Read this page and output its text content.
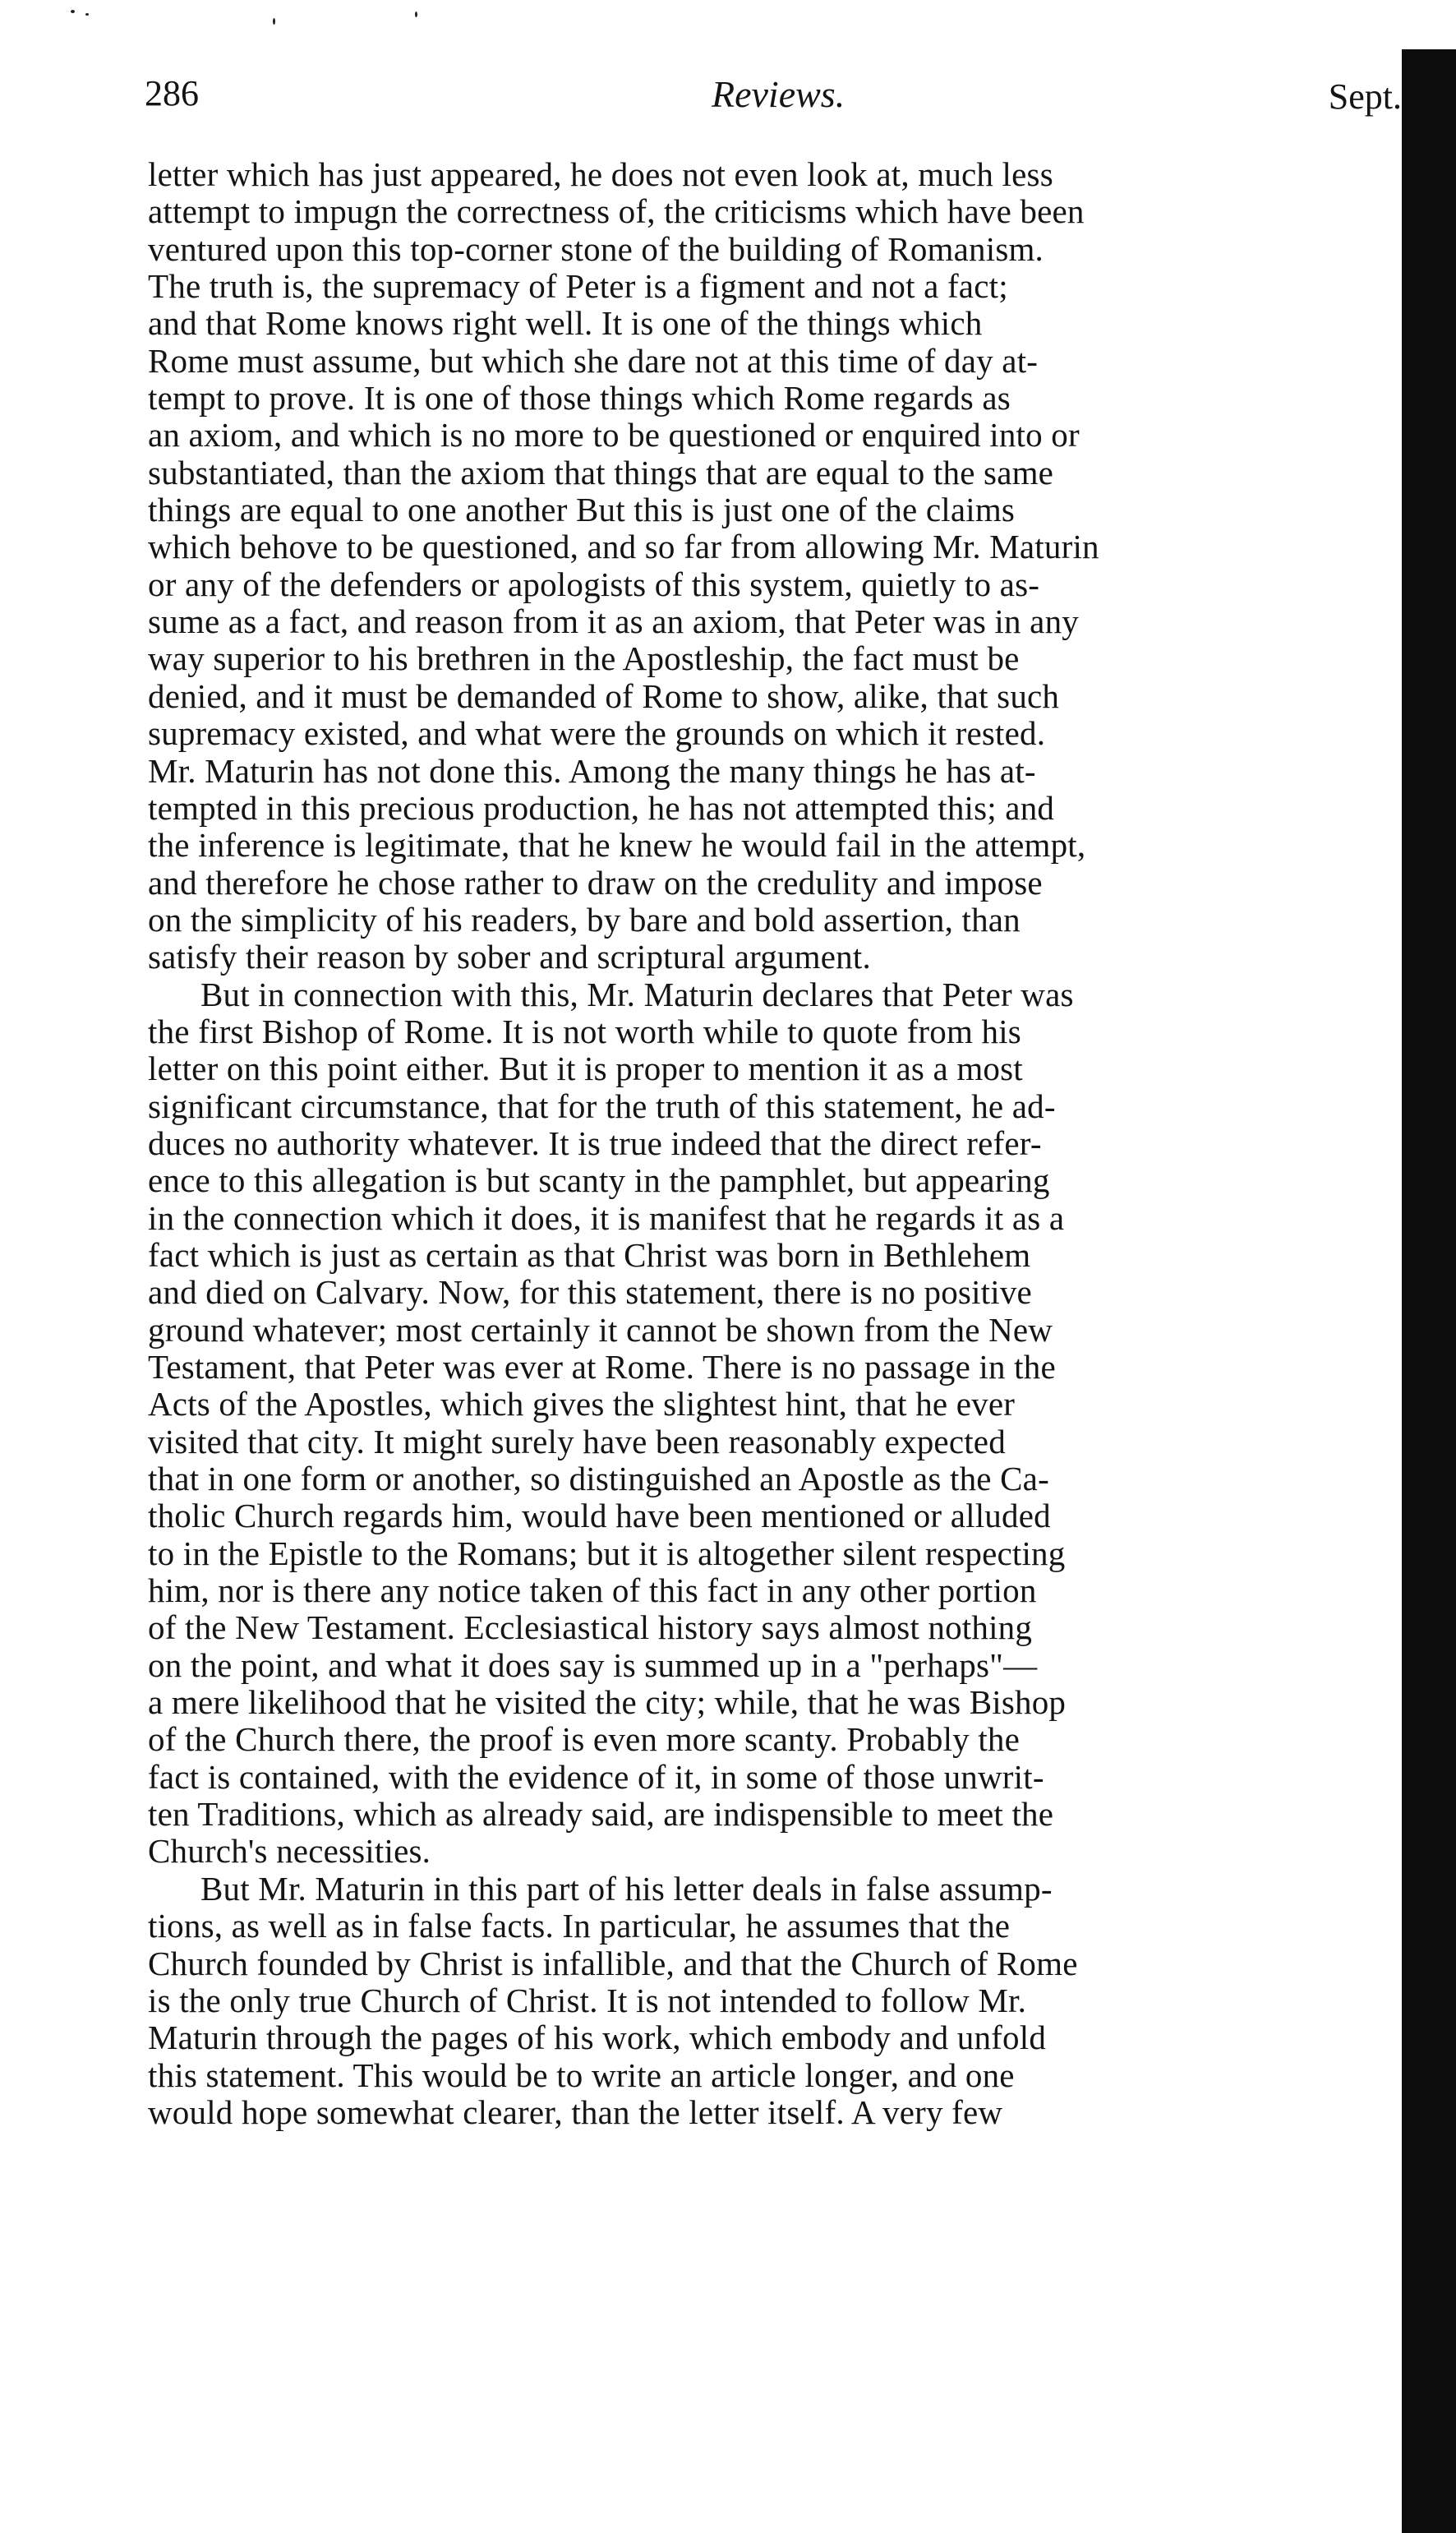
286	Reviews.	Sept.
letter which has just appeared, he does not even look at, much less
attempt to impugn the correctness of, the criticisms which have been
ventured upon this top-corner stone of the building of Romanism.
The truth is, the supremacy of Peter is a figment and not a fact;
and that Rome knows right well. It is one of the things which
Rome must assume, but which she dare not at this time of day at-
tempt to prove. It is one of those things which Rome regards as
an axiom, and which is no more to be questioned or enquired into or
substantiated, than the axiom that things that are equal to the same
things are equal to one another But this is just one of the claims
which behove to be questioned, and so far from allowing Mr. Maturin
or any of the defenders or apologists of this system, quietly to as-
sume as a fact, and reason from it as an axiom, that Peter was in any
way superior to his brethren in the Apostleship, the fact must be
denied, and it must be demanded of Rome to show, alike, that such
supremacy existed, and what were the grounds on which it rested.
Mr. Maturin has not done this. Among the many things he has at-
tempted in this precious production, he has not attempted this; and
the inference is legitimate, that he knew he would fail in the attempt,
and therefore he chose rather to draw on the credulity and impose
on the simplicity of his readers, by bare and bold assertion, than
satisfy their reason by sober and scriptural argument.
But in connection with this, Mr. Maturin declares that Peter was
the first Bishop of Rome. It is not worth while to quote from his
letter on this point either. But it is proper to mention it as a most
significant circumstance, that for the truth of this statement, he ad-
duces no authority whatever. It is true indeed that the direct refer-
ence to this allegation is but scanty in the pamphlet, but appearing
in the connection which it does, it is manifest that he regards it as a
fact which is just as certain as that Christ was born in Bethlehem
and died on Calvary. Now, for this statement, there is no positive
ground whatever; most certainly it cannot be shown from the New
Testament, that Peter was ever at Rome. There is no passage in the
Acts of the Apostles, which gives the slightest hint, that he ever
visited that city. It might surely have been reasonably expected
that in one form or another, so distinguished an Apostle as the Ca-
tholic Church regards him, would have been mentioned or alluded
to in the Epistle to the Romans; but it is altogether silent respecting
him, nor is there any notice taken of this fact in any other portion
of the New Testament. Ecclesiastical history says almost nothing
on the point, and what it does say is summed up in a "perhaps"—
a mere likelihood that he visited the city; while, that he was Bishop
of the Church there, the proof is even more scanty. Probably the
fact is contained, with the evidence of it, in some of those unwrit-
ten Traditions, which as already said, are indispensible to meet the
Church's necessities.
But Mr. Maturin in this part of his letter deals in false assump-
tions, as well as in false facts. In particular, he assumes that the
Church founded by Christ is infallible, and that the Church of Rome
is the only true Church of Christ. It is not intended to follow Mr.
Maturin through the pages of his work, which embody and unfold
this statement. This would be to write an article longer, and one
would hope somewhat clearer, than the letter itself. A very few
